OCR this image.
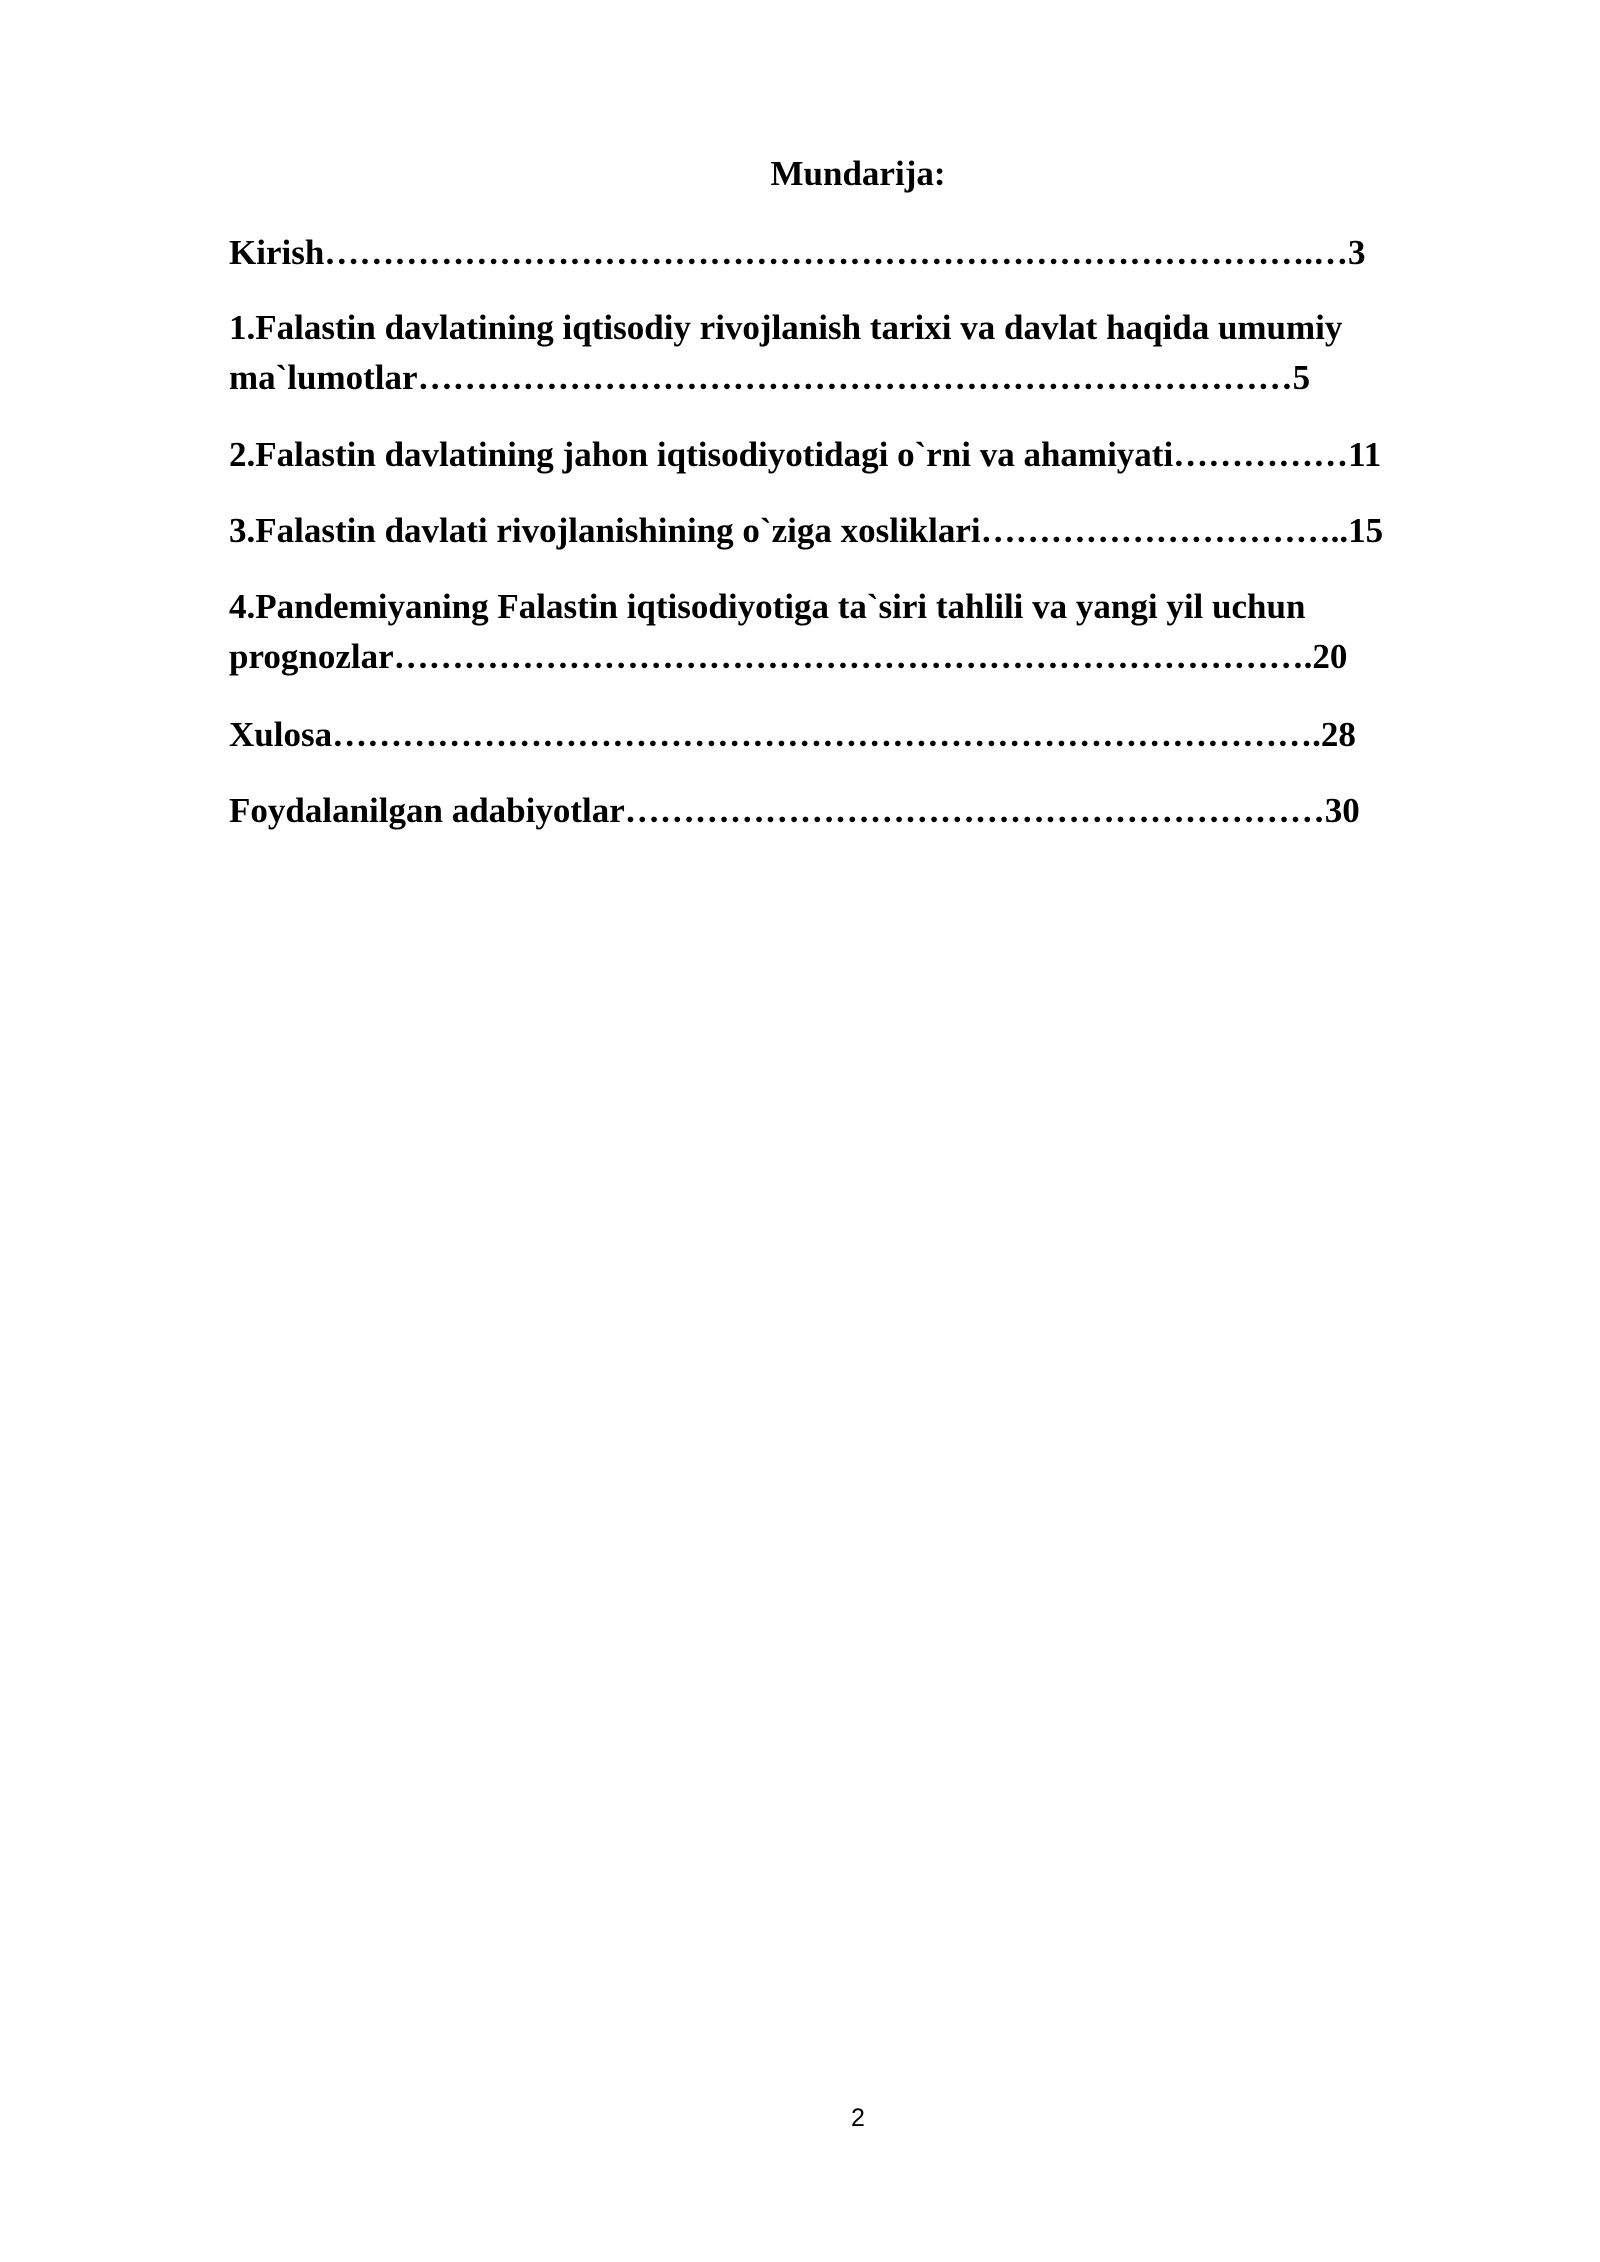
Mundarija:

Kirish………………………………………………………………………….…3

1.Falastin davlatining iqtisodiy rivojlanish tarixi va davlat haqida umumiy
ma`lumotlar…………………………………………………………………5

2.Falastin davlatining jahon iqtisodiyotidagi o`rni va ahamiyati……………11

3.Falastin davlati rivojlanishining o`ziga xosliklari…………………………..15

4.Pandemiyaning Falastin iqtisodiyotiga ta`siri tahlili va yangi yil uchun
prognozlar…………………………………………………………………….20

Xulosa………………………………………………………………………….28

Foydalanilgan adabiyotlar……………………………………………………30

2
